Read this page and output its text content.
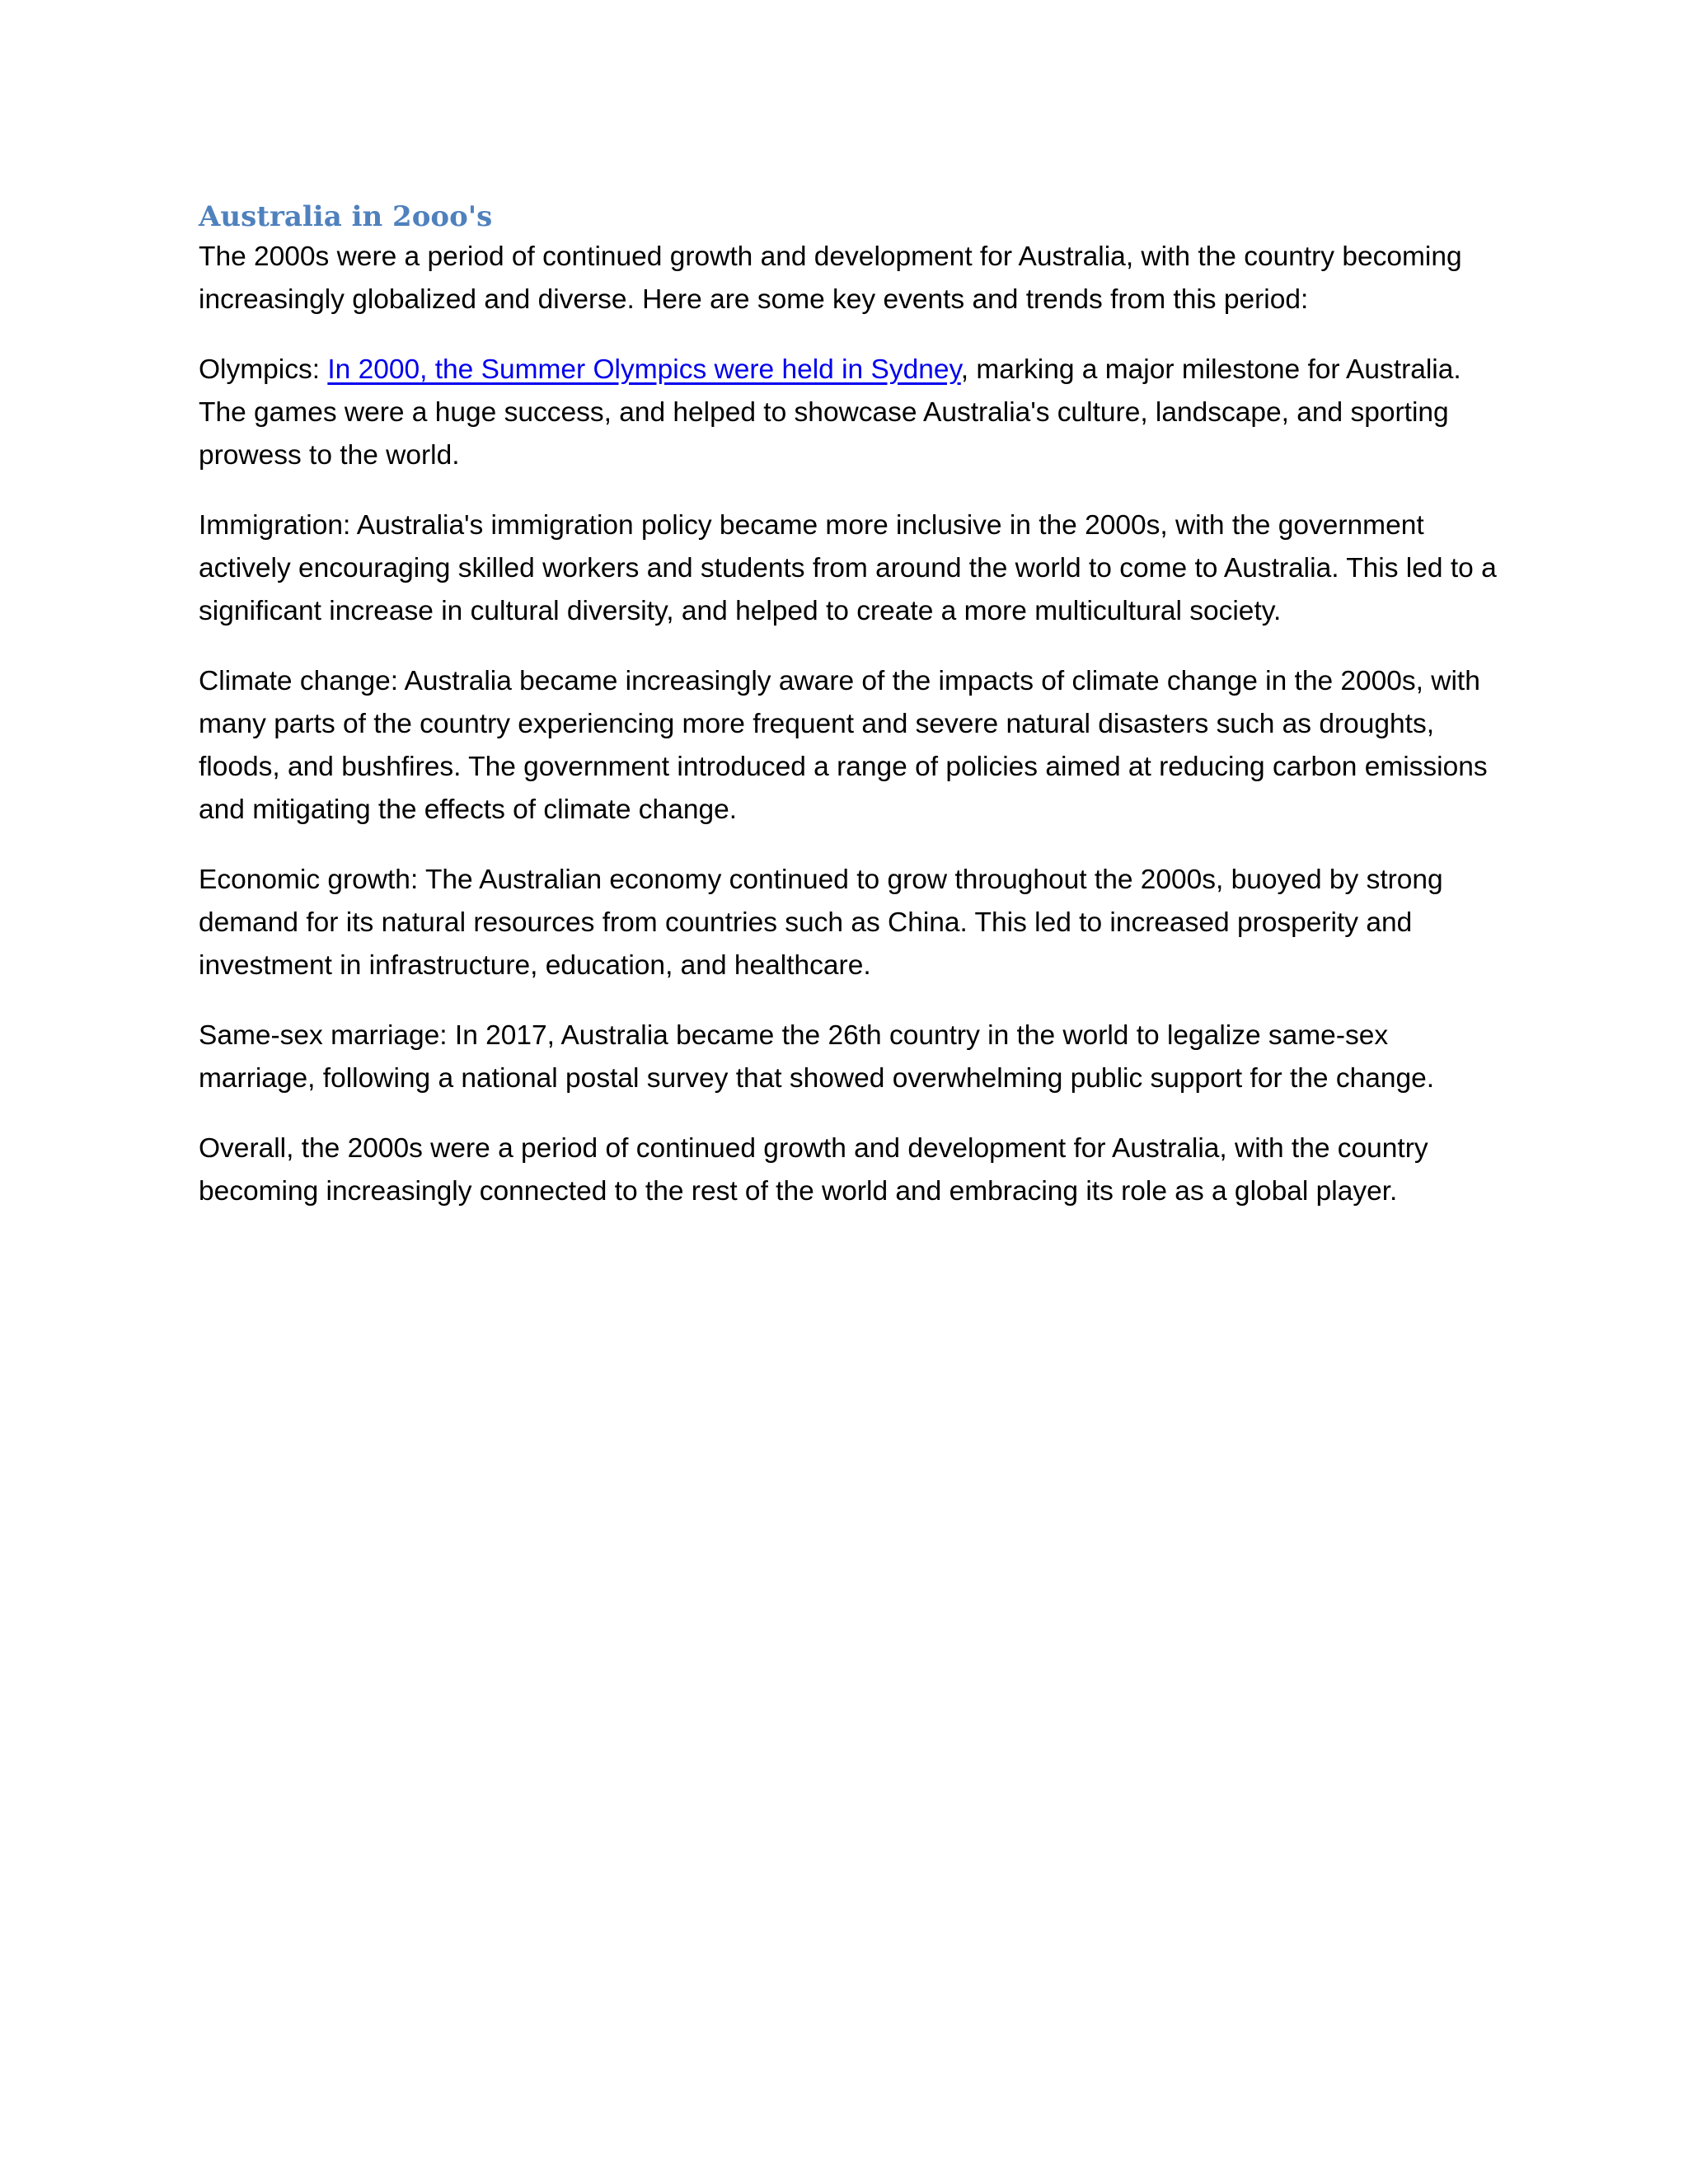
Australia in 2ooo's

The 2000s were a period of continued growth and development for Australia, with the country becoming increasingly globalized and diverse. Here are some key events and trends from this period:

Olympics: In 2000, the Summer Olympics were held in Sydney, marking a major milestone for Australia. The games were a huge success, and helped to showcase Australia's culture, landscape, and sporting prowess to the world.

Immigration: Australia's immigration policy became more inclusive in the 2000s, with the government actively encouraging skilled workers and students from around the world to come to Australia. This led to a significant increase in cultural diversity, and helped to create a more multicultural society.

Climate change: Australia became increasingly aware of the impacts of climate change in the 2000s, with many parts of the country experiencing more frequent and severe natural disasters such as droughts, floods, and bushfires. The government introduced a range of policies aimed at reducing carbon emissions and mitigating the effects of climate change.

Economic growth: The Australian economy continued to grow throughout the 2000s, buoyed by strong demand for its natural resources from countries such as China. This led to increased prosperity and investment in infrastructure, education, and healthcare.

Same-sex marriage: In 2017, Australia became the 26th country in the world to legalize same-sex marriage, following a national postal survey that showed overwhelming public support for the change.

Overall, the 2000s were a period of continued growth and development for Australia, with the country becoming increasingly connected to the rest of the world and embracing its role as a global player.
